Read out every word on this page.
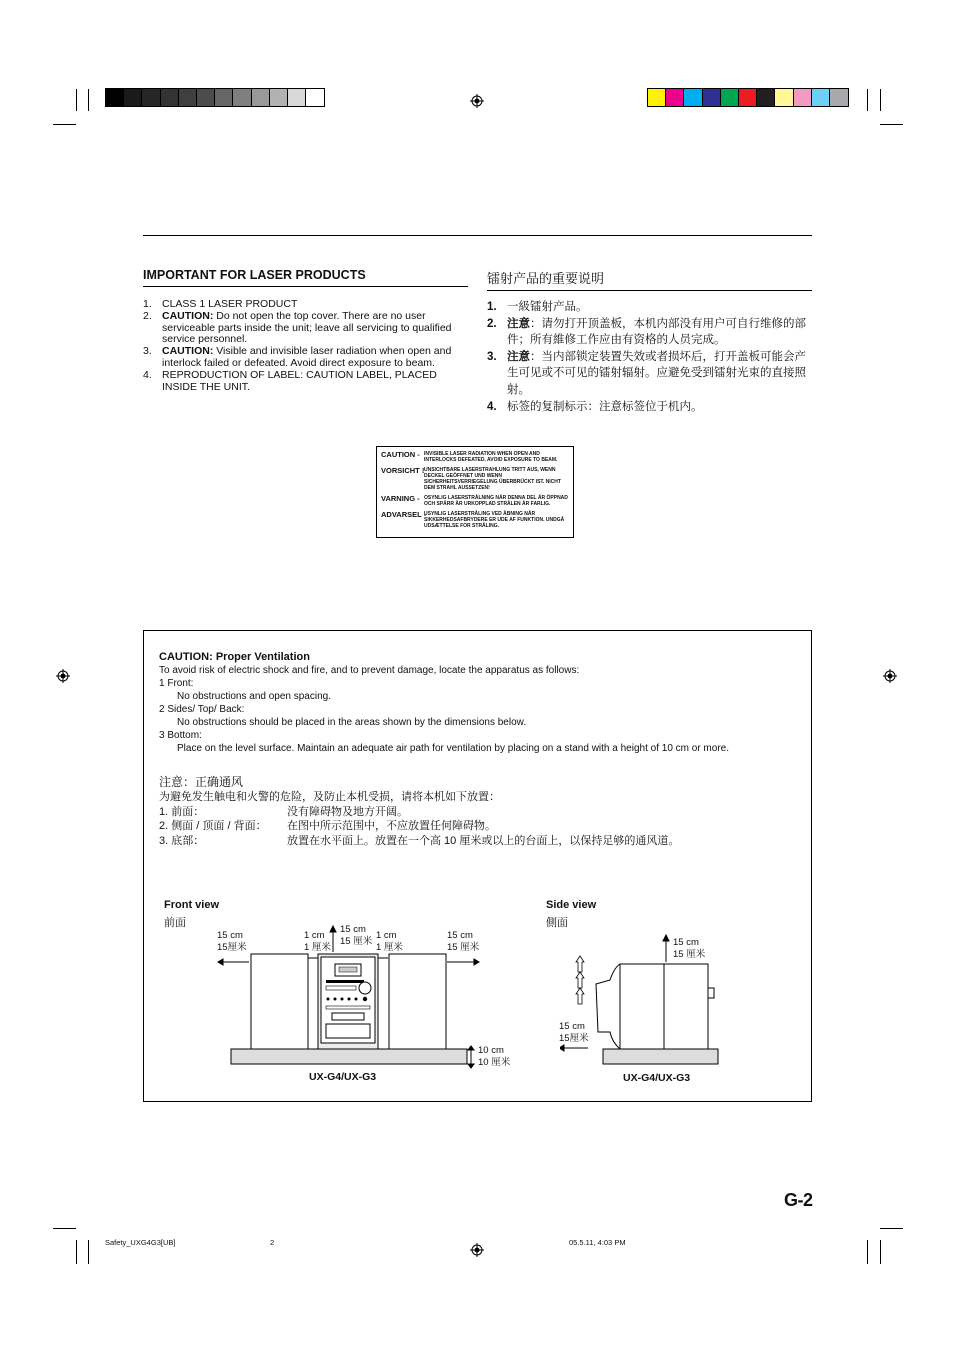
IMPORTANT FOR LASER PRODUCTS
1. CLASS 1 LASER PRODUCT
2. CAUTION: Do not open the top cover. There are no user serviceable parts inside the unit; leave all servicing to qualified service personnel.
3. CAUTION: Visible and invisible laser radiation when open and interlock failed or defeated. Avoid direct exposure to beam.
4. REPRODUCTION OF LABEL: CAUTION LABEL, PLACED INSIDE THE UNIT.
镭射产品的重要说明
1. 一級镭射产品。
2. 注意：请勿打开顶盖板，本机内部没有用户可自行维修的部件；所有維修工作应由有资格的人员完成。
3. 注意：当内部锁定装置失效或者损坏后，打开盖板可能会产生可见或不可见的镭射辐射。应避免受到镭射光束的直接照射。
4. 标签的复制标示：注意标签位于机内。
CAUTION - INVISIBLE LASER RADIATION WHEN OPEN AND INTERLOCKS DEFEATED. AVOID EXPOSURE TO BEAM.
VORSICHT ! UNSICHTBARE LASERSTRAHLUNG TRITT AUS, WENN DECKEL GEÖFFNET UND WENN SICHERHEITSVERRIEGELUNG ÜBERBRÜCKT IST. NICHT DEM STRAHL AUSSETZEN!
VARNING - OSYNLIG LASERSTRÅLNING NÄR DENNA DEL ÄR ÖPPNAD OCH SPÄRR ÄR URKOPPLAD STRÅLEN ÄR FARLIG.
ADVARSEL -
USYNLIG LASERSTRÅLING VED ÅBNING NÅR SIKKERHEDSAFBRYDERE ER UDE AF FUNKTION. UNDGÅ UDSÆTTELSE FOR STRÅLING.
CAUTION: Proper Ventilation
To avoid risk of electric shock and fire, and to prevent damage, locate the apparatus as follows:
1 Front:
No obstructions and open spacing.
2 Sides/ Top/ Back:
No obstructions should be placed in the areas shown by the dimensions below.
3 Bottom:
Place on the level surface. Maintain an adequate air path for ventilation by placing on a stand with a height of 10 cm or more.
注意：正确通风
为避免发生触电和火警的危险，及防止本机受损，请将本机如下放置：
1. 前面：	没有障碍物及地方开阔。
2. 侧面 / 顶面 / 背面： 在图中所示范围中，不应放置任何障碍物。
3. 底部：	放置在水平面上。放置在一个高 10 厘米或以上的台面上，以保持足够的通风道。
Front view
前面
15 cm
15厘米
1 cm
1 厘米
15 cm
15 厘米 1 cm
1 厘米
15 cm
15 厘米
10 cm
10 厘米
UX-G4/UX-G3
Side view
側面
15 cm
15 厘米
15 cm
15厘米
UX-G4/UX-G3
G-2
Safety_UXG4G3[UB]	2	05.5.11, 4:03 PM
